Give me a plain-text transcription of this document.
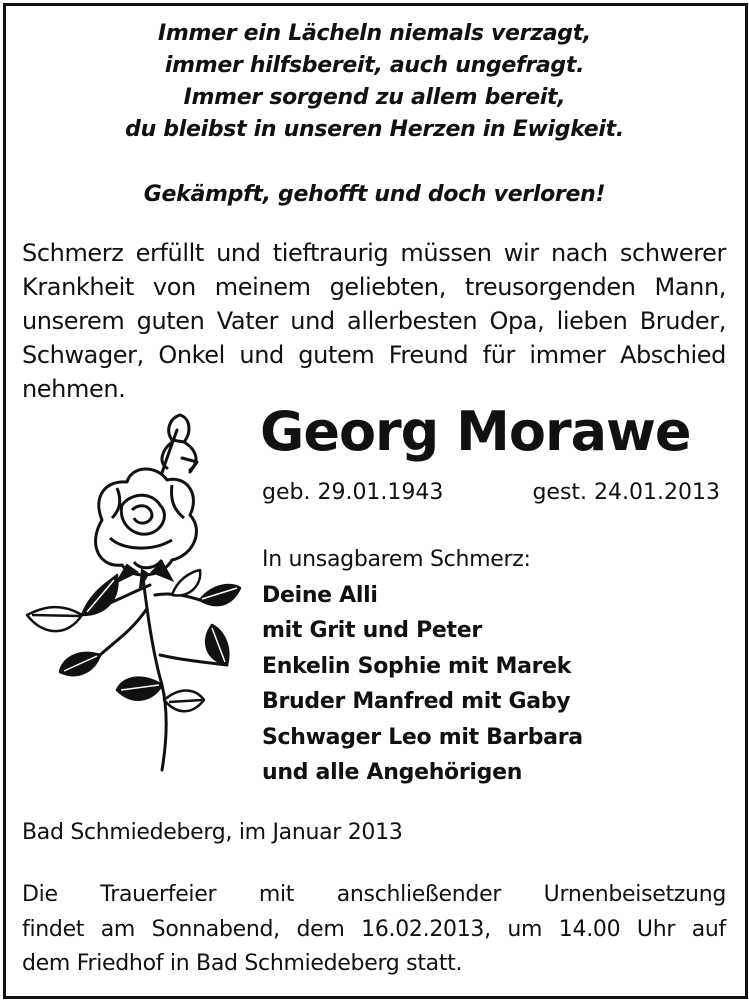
Immer ein Lächeln niemals verzagt,
immer hilfsbereit, auch ungefragt.
Immer sorgend zu allem bereit,
du bleibst in unseren Herzen in Ewigkeit.
Gekämpft, gehofft und doch verloren!
Schmerz erfüllt und tieftraurig müssen wir nach schwerer
Krankheit von meinem geliebten, treusorgenden Mann,
unserem guten Vater und allerbesten Opa, lieben Bruder,
Schwager, Onkel und gutem Freund für immer Abschied
nehmen.
Georg Morawe
geb. 29.01.1943	gest. 24.01.2013
In unsagbarem Schmerz:
Deine Alli
mit Grit und Peter
Enkelin Sophie mit Marek
Bruder Manfred mit Gaby
Schwager Leo mit Barbara
und alle Angehörigen
Bad Schmiedeberg, im Januar 2013
Die Trauerfeier mit anschließender Urnenbeisetzung
findet am Sonnabend, dem 16.02.2013, um 14.00 Uhr auf
dem Friedhof in Bad Schmiedeberg statt.
